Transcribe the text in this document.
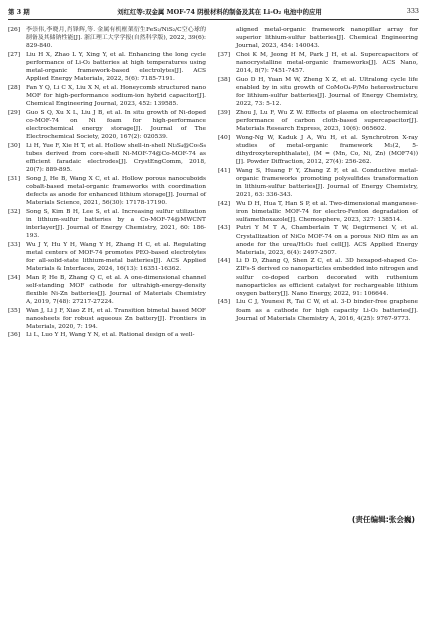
第 3 期	刘红红等:双金属 MOF-74 阴极材料的制备及其在 Li-O₂ 电池中的应用	333
[26]	李崇伟,李晓月,肖锋辉,等. 金属有机框架衍生FeS₂/NiS₂/C空心球的制备及其储钠性能[J]. 浙江理工大学学报(自然科学版), 2022, 39(6): 829-840.
[27]	Liu H X, Zhao L Y, Xing Y, et al. Enhancing the long cycle performance of Li-O₂ batteries at high temperatures using metal-organic framework-based electrolytes[J]. ACS Applied Energy Materials, 2022, 5(6): 7185-7191.
[28]	Fan Y Q, Li C X, Liu X N, et al. Honeycomb structured nano MOF for high-performance sodium-ion hybrid capacitor[J]. Chemical Engineering Journal, 2023, 452: 139585.
[29]	Guo S Q, Xu X L, Liu J B, et al. In situ growth of Ni-doped co-MOF-74 on Ni foam for high-performance electrochemical energy storage[J]. Journal of The Electrochemical Society, 2020, 167(2): 020539.
[30]	Li H, Yue F, Xie H T, et al. Hollow shell-in-shell Ni₃S₄@Co₉S₈ tubes derived from core-shell Ni-MOF-74@Co-MOF-74 as efficient faradaic electrodes[J]. CrystEngComm, 2018, 20(7): 889-895.
[31]	Song J, He B, Wang X C, et al. Hollow porous nanocuboids cobalt-based metal-organic frameworks with coordination defects as anode for enhanced lithium storage[J]. Journal of Materials Science, 2021, 56(30): 17178-17190.
[32]	Song S, Kim B H, Lee S, et al. Increasing sulfur utilization in lithium-sulfur batteries by a Co-MOF-74@MWCNT interlayer[J]. Journal of Energy Chemistry, 2021, 60: 186-193.
[33]	Wu J Y, Hu Y H, Wang Y H, Zhang H C, et al. Regulating metal centers of MOF-74 promotes PEO-based electrolytes for all-solid-state lithium-metal batteries[J]. ACS Applied Materials & Interfaces, 2024, 16(13): 16351-16362.
[34]	Man P, He B, Zhang Q C, et al. A one-dimensional channel self-standing MOF cathode for ultrahigh-energy-density flexible Ni-Zn batteries[J]. Journal of Materials Chemistry A, 2019, 7(48): 27217-27224.
[35]	Wan J, Li J F, Xiao Z H, et al. Transition bimetal based MOF nanosheets for robust aqueous Zn battery[J]. Frontiers in Materials, 2020, 7: 194.
[36]	Li L, Luo Y H, Wang Y N, et al. Rational design of a well-
aligned metal-organic framework nanopillar array for superior lithium-sulfur batteries[J]. Chemical Engineering Journal, 2023, 454: 140043.
[37]	Choi K M, Jeong H M, Park J H, et al. Supercapacitors of nanocrystalline metal-organic frameworks[J]. ACS Nano, 2014, 8(7): 7451-7457.
[38]	Guo D H, Yuan M W, Zheng X Z, et al. Ultralong cycle life enabled by in situ growth of CoMoO₄-P/Mo heterostructure for lithium-sulfur batteries[J]. Journal of Energy Chemistry, 2022, 73: 5-12.
[39]	Zhou J, Lu F, Wu Z W. Effects of plasma on electrochemical performance of carbon cloth-based supercapacitor[J]. Materials Research Express, 2023, 10(6): 065602.
[40]	Wong-Ng W, Kaduk J A, Wu H, et al. Synchrotron X-ray studies of metal-organic framework M₂(2, 5-dihydroxyterephthalate), (M = (Mn, Co, Ni, Zn) (MOF74)) [J]. Powder Diffraction, 2012, 27(4): 256-262.
[41]	Wang S, Huang F Y, Zhang Z F, et al. Conductive metal-organic frameworks promoting polysulfides transformation in lithium-sulfur batteries[J]. Journal of Energy Chemistry, 2021, 63: 336-343.
[42]	Wu D H, Hua T, Han S P, et al. Two-dimensional manganese-iron bimetallic MOF-74 for electro-Fenton degradation of sulfamethoxazole[J]. Chemosphere, 2023, 327: 138514.
[43]	Putri Y M T A, Chamberlain T W, Degirmenci V, et al. Crystallization of NiCo MOF-74 on a porous NiO film as an anode for the urea/H₂O₂ fuel cell[J]. ACS Applied Energy Materials, 2023, 6(4): 2497-2507.
[44]	Li D D, Zhang Q, Shen Z C, et al. 3D hexapod-shaped Co-ZIFs-S derived co nanoparticles embedded into nitrogen and sulfur co-doped carbon decorated with ruthenium nanoparticles as efficient catalyst for rechargeable lithium oxygen battery[J]. Nano Energy, 2022, 91: 106644.
[45]	Liu C J, Younesi R, Tai C W, et al. 3-D binder-free graphene foam as a cathode for high capacity Li-O₂ batteries[J]. Journal of Materials Chemistry A, 2016, 4(25): 9767-9773.
(责任编辑:张会巍)
